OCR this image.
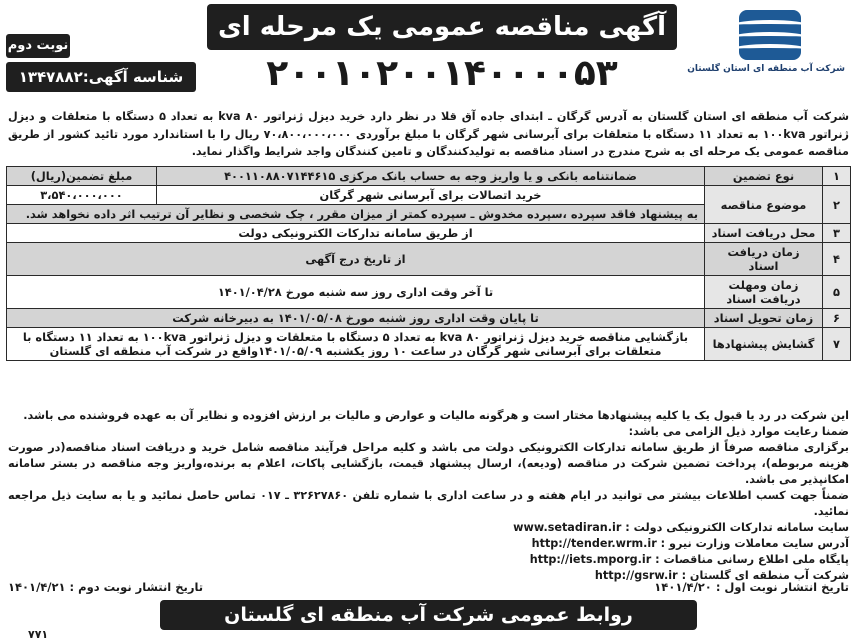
شرکت آب منطقه ای استان گلستان
آگهی مناقصه عمومی یک مرحله ای
۲۰۰۱۰۲۰۰۱۴۰۰۰۰۵۳
نوبت دوم
شناسه آگهی:۱۳۴۷۸۸۲
شرکت آب منطقه ای استان گلستان به آدرس گرگان ـ ابتدای جاده آق قلا در نظر دارد خرید دیزل ژنراتور ۸۰ kva به تعداد ۵ دستگاه با متعلقات و دیزل ژنراتور ۱۰۰kva به تعداد ۱۱ دستگاه با متعلقات برای آبرسانی شهر گرگان با مبلغ برآوردی ۷۰،۸۰۰،۰۰۰،۰۰۰ ریال را با استاندارد مورد تائید کشور از طریق مناقصه عمومی یک مرحله ای به شرح مندرج در اسناد مناقصه به تولیدکنندگان و تامین کنندگان واجد شرایط واگذار نماید.
۱	نوع تضمین	ضمانتنامه بانکی و یا واریز وجه به حساب بانک مرکزی ۴۰۰۱۱۰۸۸۰۷۱۴۴۶۱۵	مبلغ تضمین(ریال)
۲	موضوع مناقصه	خرید اتصالات برای آبرسانی شهر گرگان	۳،۵۴۰،۰۰۰،۰۰۰
		به پیشنهاد فاقد سپرده ،سپرده مخدوش ـ سپرده کمتر از میزان مقرر ، چک شخصی و نظایر آن ترتیب اثر داده نخواهد شد.	
۳	محل دریافت اسناد	از طریق سامانه تدارکات الکترونیکی دولت	
۴	زمان دریافت اسناد	از تاریخ درج آگهی	
۵	زمان ومهلت دریافت اسناد	تا آخر وقت اداری روز سه شنبه مورخ ۱۴۰۱/۰۴/۲۸	
۶	زمان تحویل اسناد	تا پایان وقت اداری روز شنبه مورخ ۱۴۰۱/۰۵/۰۸ به دبیرخانه شرکت	
۷	گشایش پیشنهادها	بازگشایی مناقصه خرید دیزل ژنراتور ۸۰ kva به تعداد ۵ دستگاه با متعلقات و دیزل ژنراتور ۱۰۰kva به تعداد ۱۱ دستگاه با متعلقات برای آبرسانی شهر گرگان در ساعت ۱۰ روز یکشنبه ۱۴۰۱/۰۵/۰۹واقع در شرکت آب منطقه ای گلستان	

این شرکت در رد یا قبول یک یا کلیه پیشنهادها مختار است و هرگونه مالیات و عوارض و مالیات بر ارزش افزوده و نظایر آن به عهده فروشنده می باشد.

ضمنا رعایت موارد ذیل الزامی می باشد:

برگزاری مناقصه صرفاً از طریق سامانه تدارکات الکترونیکی دولت می باشد و کلیه مراحل فرآیند مناقصه شامل خرید و دریافت اسناد مناقصه(در صورت هزینه مربوطه)، پرداخت تضمین شرکت در مناقصه (ودیعه)، ارسال پیشنهاد قیمت، بازگشایی پاکات، اعلام به برنده،واریز وجه مناقصه در بستر سامانه امکانپذیر می باشد.

ضمناً جهت کسب اطلاعات بیشتر می توانید در ایام هفته و در ساعت اداری با شماره تلفن ۳۲۶۲۷۸۶۰ ـ ۰۱۷ تماس حاصل نمائید و یا به سایت ذیل مراجعه نمائید.

سایت سامانه تدارکات الکترونیکی دولت : www.setadiran.ir

آدرس سایت معاملات وزارت نیرو : http://tender.wrm.ir

پایگاه ملی اطلاع رسانی مناقصات : http://iets.mporg.ir

شرکت آب منطقه ای گلستان : http://gsrw.ir

تاریخ انتشار نوبت اول : ۱۴۰۱/۴/۲۰
تاریخ انتشار نوبت دوم : ۱۴۰۱/۴/۲۱
روابط عمومی شرکت آب منطقه ای گلستان
۷۷۱
